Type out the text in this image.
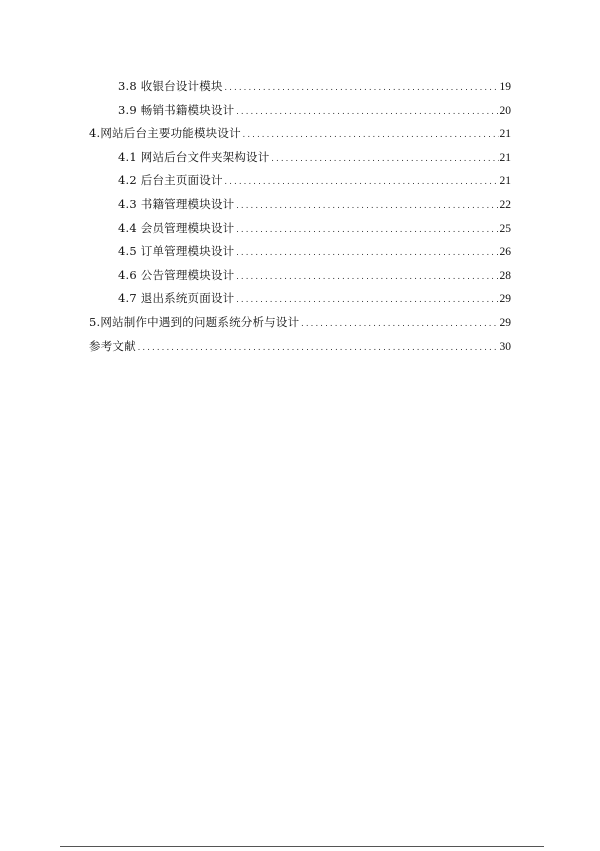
3.8 收银台设计模块 .....	19
3.9 畅销书籍模块设计 .....	20
4.网站后台主要功能模块设计 .....	21
4.1 网站后台文件夹架构设计 .....	21
4.2 后台主页面设计 .....	21
4.3 书籍管理模块设计 .....	22
4.4 会员管理模块设计 .....	25
4.5 订单管理模块设计 .....	26
4.6 公告管理模块设计 .....	28
4.7 退出系统页面设计 .....	29
5.网站制作中遇到的问题系统分析与设计 .....	29
参考文献 .....	30
